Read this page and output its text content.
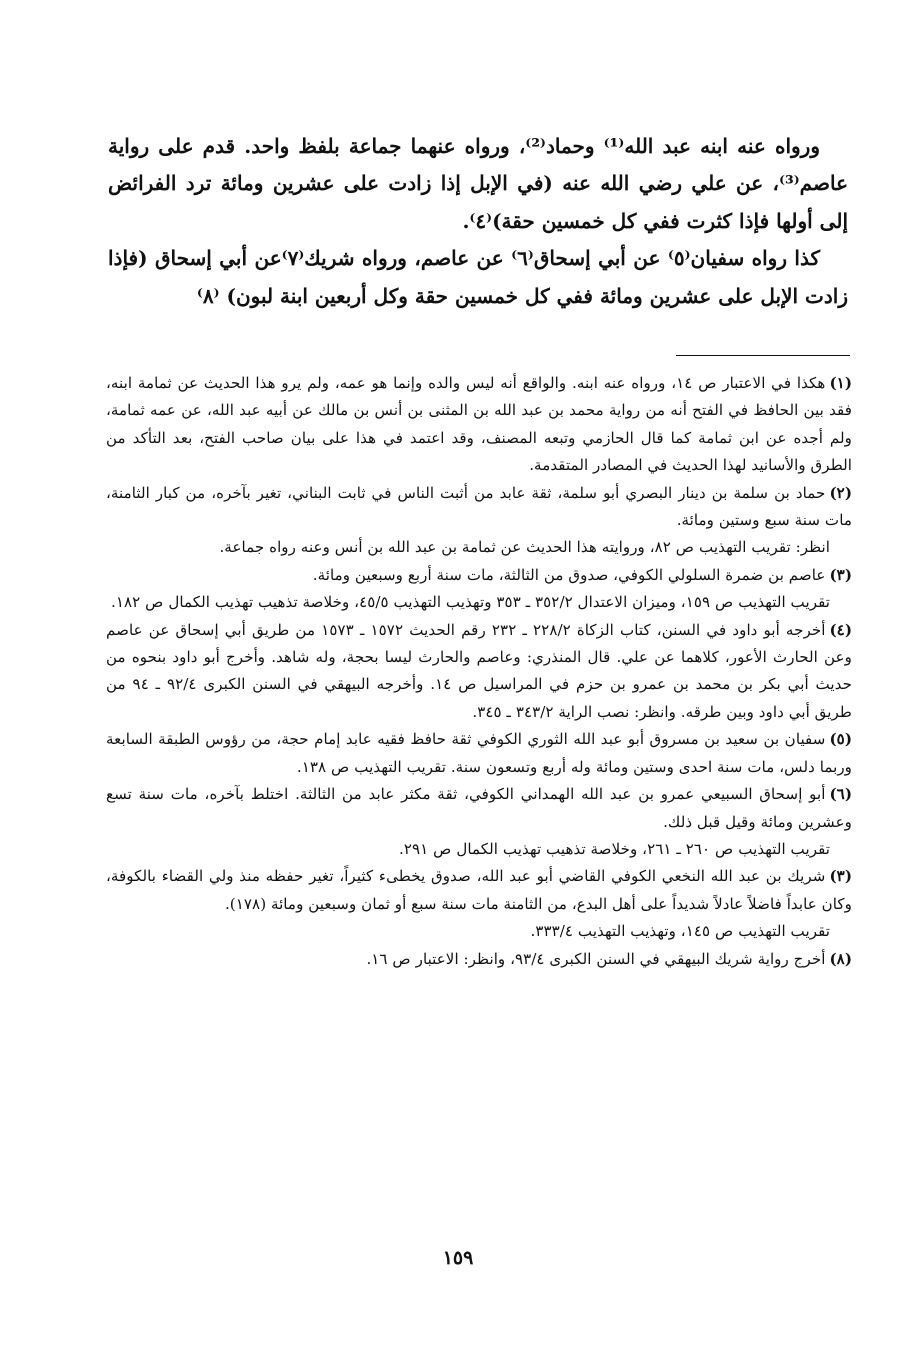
ورواه عنه ابنه عبد الله⁽¹⁾ وحماد⁽²⁾، ورواه عنهما جماعة بلفظ واحد. قدم على رواية عاصم⁽³⁾، عن علي رضي الله عنه (في الإبل إذا زادت على عشرين ومائة ترد الفرائض إلى أولها فإذا كثرت ففي كل خمسين حقة)⁽٤⁾.

كذا رواه سفيان⁽٥⁾ عن أبي إسحاق⁽٦⁾ عن عاصم، ورواه شريك⁽٧⁾عن أبي إسحاق (فإذا زادت الإبل على عشرين ومائة ففي كل خمسين حقة وكل أربعين ابنة لبون) ⁽٨⁾

(١)هكذا في الاعتبار ص ١٤، ورواه عنه ابنه. والواقع أنه ليس والده وإنما هو عمه، ولم يرو هذا الحديث عن ثمامة ابنه، فقد بين الحافظ في الفتح أنه من رواية محمد بن عبد الله بن المثنى بن أنس بن مالك عن أبيه عبد الله، عن عمه ثمامة، ولم أجده عن ابن ثمامة كما قال الحازمي وتبعه المصنف، وقد اعتمد في هذا على بيان صاحب الفتح، بعد التأكد من الطرق والأسانيد لهذا الحديث في المصادر المتقدمة.

(٢)حماد بن سلمة بن دينار البصري أبو سلمة، ثقة عابد من أثبت الناس في ثابت البناني، تغير بآخره، من كبار الثامنة، مات سنة سبع وستين ومائة.

انظر: تقريب التهذيب ص ٨٢، وروايته هذا الحديث عن ثمامة بن عبد الله بن أنس وعنه رواه جماعة.

(٣)عاصم بن ضمرة السلولي الكوفي، صدوق من الثالثة، مات سنة أربع وسبعين ومائة.

تقريب التهذيب ص ١٥٩، وميزان الاعتدال ٣٥٢/٢ ـ ٣٥٣ وتهذيب التهذيب ٤٥/٥، وخلاصة تذهيب تهذيب الكمال ص ١٨٢.

(٤)أخرجه أبو داود في السنن، كتاب الزكاة ٢٢٨/٢ ـ ٢٣٢ رقم الحديث ١٥٧٢ ـ ١٥٧٣ من طريق أبي إسحاق عن عاصم وعن الحارث الأعور، كلاهما عن علي. قال المنذري: وعاصم والحارث ليسا بحجة، وله شاهد. وأخرج أبو داود بنحوه من حديث أبي بكر بن محمد بن عمرو بن حزم في المراسيل ص ١٤. وأخرجه البيهقي في السنن الكبرى ٩٢/٤ ـ ٩٤ من طريق أبي داود وبين طرقه. وانظر: نصب الراية ٣٤٣/٢ ـ ٣٤٥.

(٥)سفيان بن سعيد بن مسروق أبو عبد الله الثوري الكوفي ثقة حافظ فقيه عابد إمام حجة، من رؤوس الطبقة السابعة وربما دلس، مات سنة احدى وستين ومائة وله أربع وتسعون سنة. تقريب التهذيب ص ١٣٨.

(٦)أبو إسحاق السبيعي عمرو بن عبد الله الهمداني الكوفي، ثقة مكثر عابد من الثالثة. اختلط بآخره، مات سنة تسع وعشرين ومائة وقيل قبل ذلك.

تقريب التهذيب ص ٢٦٠ ـ ٢٦١، وخلاصة تذهيب تهذيب الكمال ص ٢٩١.

(٣)شريك بن عبد الله النخعي الكوفي القاضي أبو عبد الله، صدوق يخطىء كثيراً، تغير حفظه منذ ولي القضاء بالكوفة، وكان عابداً فاضلاً عادلاً شديداً على أهل البدع، من الثامنة مات سنة سبع أو ثمان وسبعين ومائة (١٧٨).

تقريب التهذيب ص ١٤٥، وتهذيب التهذيب ٣٣٣/٤.

(٨)أخرج رواية شريك البيهقي في السنن الكبرى ٩٣/٤، وانظر: الاعتبار ص ١٦.

١٥٩
